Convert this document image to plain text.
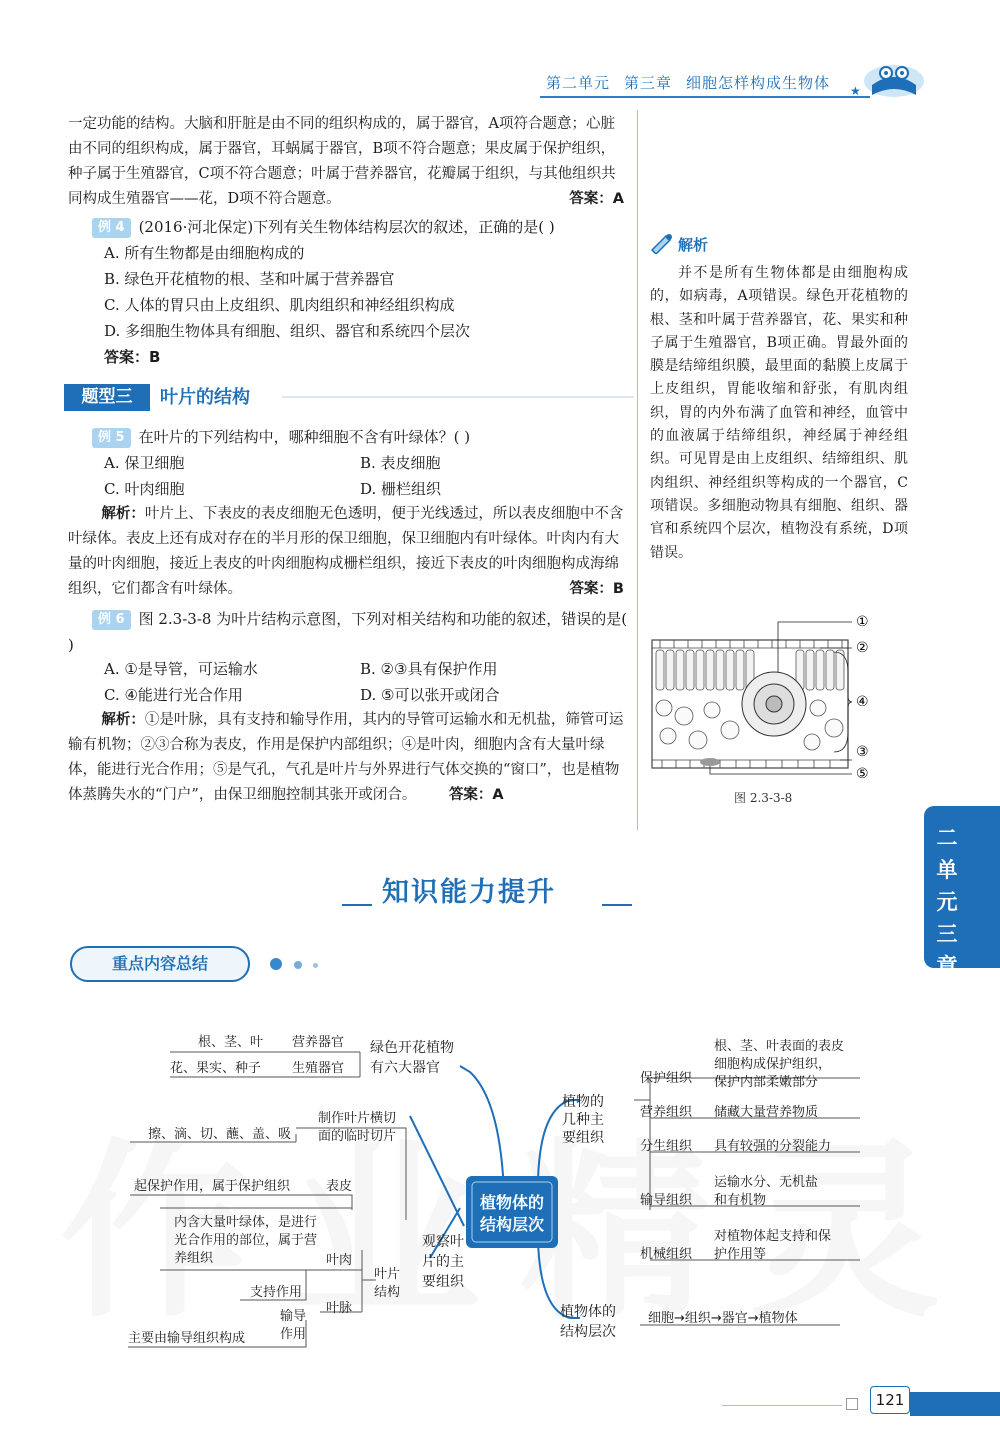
第二单元 第三章 细胞怎样构成生物体	★
一定功能的结构。大脑和肝脏是由不同的组织构成的，属于器官，A项符合题意；心脏由不同的组织构成，属于器官，耳蜗属于器官，B项不符合题意；果皮属于保护组织，种子属于生殖器官，C项不符合题意；叶属于营养器官，花瓣属于组织，与其他组织共同构成生殖器官——花，D项不符合题意。	答案：A
例 4 (2016·河北保定)下列有关生物体结构层次的叙述，正确的是( )
A. 所有生物都是由细胞构成的
B. 绿色开花植物的根、茎和叶属于营养器官
C. 人体的胃只由上皮组织、肌肉组织和神经组织构成
D. 多细胞生物体具有细胞、组织、器官和系统四个层次
答案：B
题型三	叶片的结构
例 5 在叶片的下列结构中，哪种细胞不含有叶绿体？( )
A. 保卫细胞	B. 表皮细胞
C. 叶肉细胞	D. 栅栏组织
解析：叶片上、下表皮的表皮细胞无色透明，便于光线透过，所以表皮细胞中不含叶绿体。表皮上还有成对存在的半月形的保卫细胞，保卫细胞内有叶绿体。叶肉内有大量的叶肉细胞，接近上表皮的叶肉细胞构成栅栏组织，接近下表皮的叶肉细胞构成海绵组织，它们都含有叶绿体。	答案：B
例 6 图 2.3-3-8 为叶片结构示意图，下列对相关结构和功能的叙述，错误的是( )
A. ①是导管，可运输水	B. ②③具有保护作用
C. ④能进行光合作用	D. ⑤可以张开或闭合
解析：①是叶脉，具有支持和输导作用，其内的导管可运输水和无机盐，筛管可运输有机物；②③合称为表皮，作用是保护内部组织；④是叶肉，细胞内含有大量叶绿体，能进行光合作用；⑤是气孔，气孔是叶片与外界进行气体交换的“窗口”，也是植物体蒸腾失水的“门户”，由保卫细胞控制其张开或闭合。 答案：A
解析
并不是所有生物体都是由细胞构成的，如病毒，A项错误。绿色开花植物的根、茎和叶属于营养器官，花、果实和种子属于生殖器官，B项正确。胃最外面的膜是结缔组织膜，最里面的黏膜上皮属于上皮组织，胃能收缩和舒张，有肌肉组织，胃的内外布满了血管和神经，血管中的血液属于结缔组织，神经属于神经组织。可见胃是由上皮组织、结缔组织、肌肉组织、神经组织等构成的一个器官，C项错误。多细胞动物具有细胞、组织、器官和系统四个层次，植物没有系统，D项错误。
①
②
④
③
⑤
图 2.3-3-8
二
单
元
三
章
知识能力提升
重点内容总结
植物体的
结构层次
根、茎、叶 营养器官
花、果实、种子 生殖器官
绿色开花植物
有六大器官
擦、滴、切、蘸、盖、吸
制作叶片横切
面的临时切片
起保护作用，属于保护组织	表皮
内含大量叶绿体，是进行
光合作用的部位，属于营
养组织	叶肉
叶片
结构
观察叶
片的主
要组织
支持作用
叶脉
输导
作用
主要由输导组织构成
植物的
几种主
要组织
保护组织
根、茎、叶表面的表皮
细胞构成保护组织，
保护内部柔嫩部分
营养组织 储藏大量营养物质
分生组织 具有较强的分裂能力
输导组织
运输水分、无机盐
和有机物
机械组织
对植物体起支持和保
护作用等
植物体的
结构层次
细胞→组织→器官→植物体
121
